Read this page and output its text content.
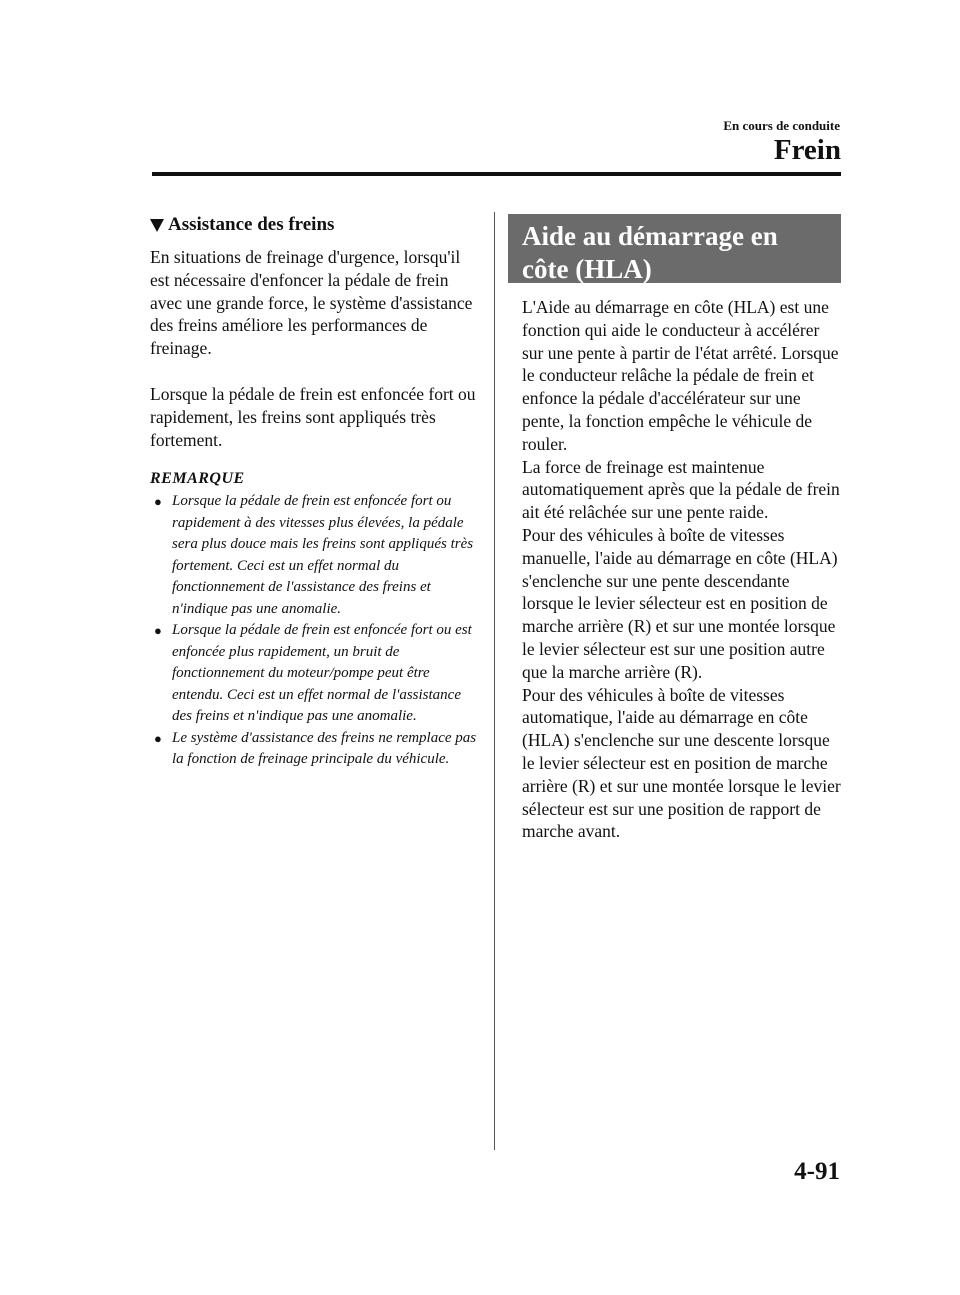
En cours de conduite
Frein
Assistance des freins

En situations de freinage d'urgence, lorsqu'il est nécessaire d'enfoncer la pédale de frein avec une grande force, le système d'assistance des freins améliore les performances de freinage.

Lorsque la pédale de frein est enfoncée fort ou rapidement, les freins sont appliqués très fortement.

REMARQUE
● Lorsque la pédale de frein est enfoncée fort ou rapidement à des vitesses plus élevées, la pédale sera plus douce mais les freins sont appliqués très fortement. Ceci est un effet normal du fonctionnement de l'assistance des freins et n'indique pas une anomalie.
● Lorsque la pédale de frein est enfoncée fort ou est enfoncée plus rapidement, un bruit de fonctionnement du moteur/pompe peut être entendu. Ceci est un effet normal de l'assistance des freins et n'indique pas une anomalie.
● Le système d'assistance des freins ne remplace pas la fonction de freinage principale du véhicule.
Aide au démarrage en côte (HLA)

L'Aide au démarrage en côte (HLA) est une fonction qui aide le conducteur à accélérer sur une pente à partir de l'état arrêté. Lorsque le conducteur relâche la pédale de frein et enfonce la pédale d'accélérateur sur une pente, la fonction empêche le véhicule de rouler.
La force de freinage est maintenue automatiquement après que la pédale de frein ait été relâchée sur une pente raide.
Pour des véhicules à boîte de vitesses manuelle, l'aide au démarrage en côte (HLA) s'enclenche sur une pente descendante lorsque le levier sélecteur est en position de marche arrière (R) et sur une montée lorsque le levier sélecteur est sur une position autre que la marche arrière (R).
Pour des véhicules à boîte de vitesses automatique, l'aide au démarrage en côte (HLA) s'enclenche sur une descente lorsque le levier sélecteur est en position de marche arrière (R) et sur une montée lorsque le levier sélecteur est sur une position de rapport de marche avant.

4-91
